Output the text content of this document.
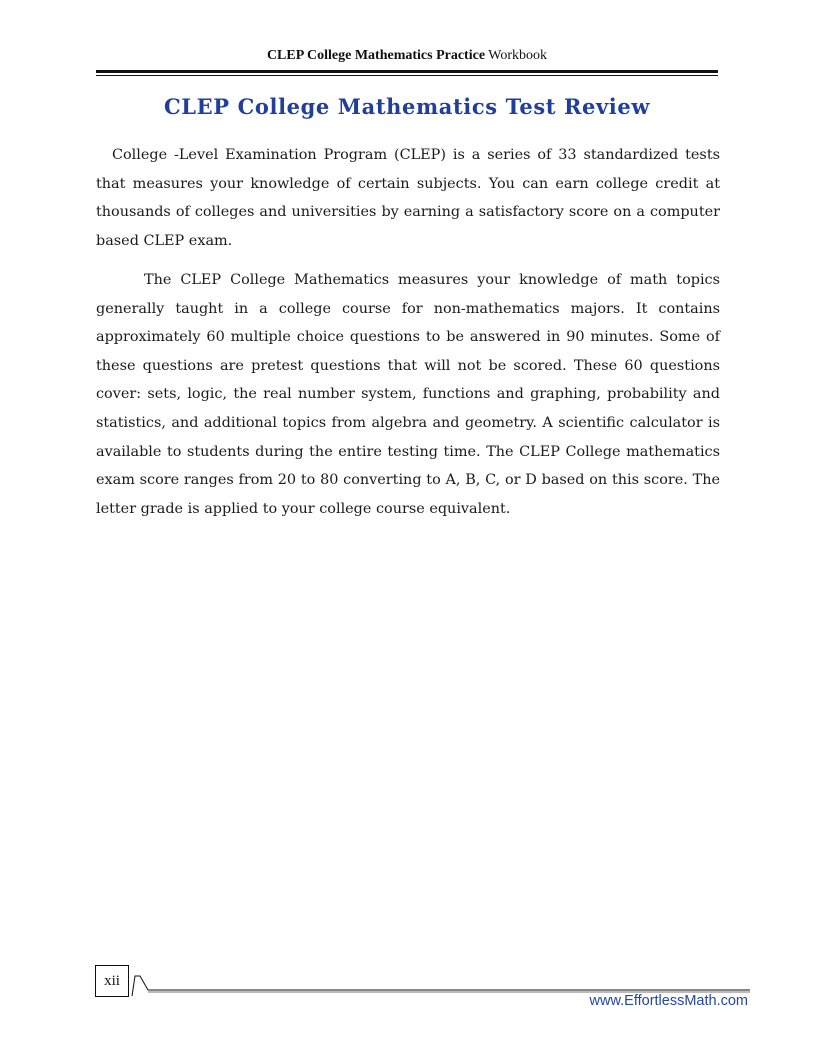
CLEP College Mathematics Practice Workbook
CLEP College Mathematics Test Review

College -Level Examination Program (CLEP) is a series of 33 standardized tests that measures your knowledge of certain subjects. You can earn college credit at thousands of colleges and universities by earning a satisfactory score on a computer based CLEP exam.

The CLEP College Mathematics measures your knowledge of math topics generally taught in a college course for non-mathematics majors. It contains approximately 60 multiple choice questions to be answered in 90 minutes. Some of these questions are pretest questions that will not be scored. These 60 questions cover: sets, logic, the real number system, functions and graphing, probability and statistics, and additional topics from algebra and geometry. A scientific calculator is available to students during the entire testing time. The CLEP College mathematics exam score ranges from 20 to 80 converting to A, B, C, or D based on this score. The letter grade is applied to your college course equivalent.

xii
www.EffortlessMath.com
